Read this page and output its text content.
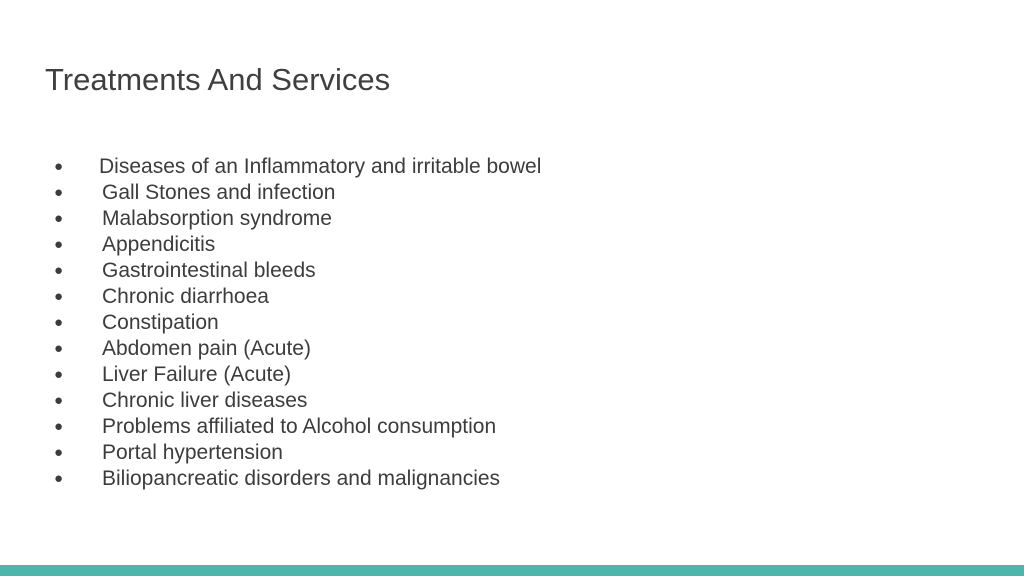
Treatments And Services
● Diseases of an Inflammatory and irritable bowel
● Gall Stones and infection
● Malabsorption syndrome
● Appendicitis
● Gastrointestinal bleeds
● Chronic diarrhoea
● Constipation
● Abdomen pain (Acute)
● Liver Failure (Acute)
● Chronic liver diseases
● Problems affiliated to Alcohol consumption
● Portal hypertension
● Biliopancreatic disorders and malignancies
